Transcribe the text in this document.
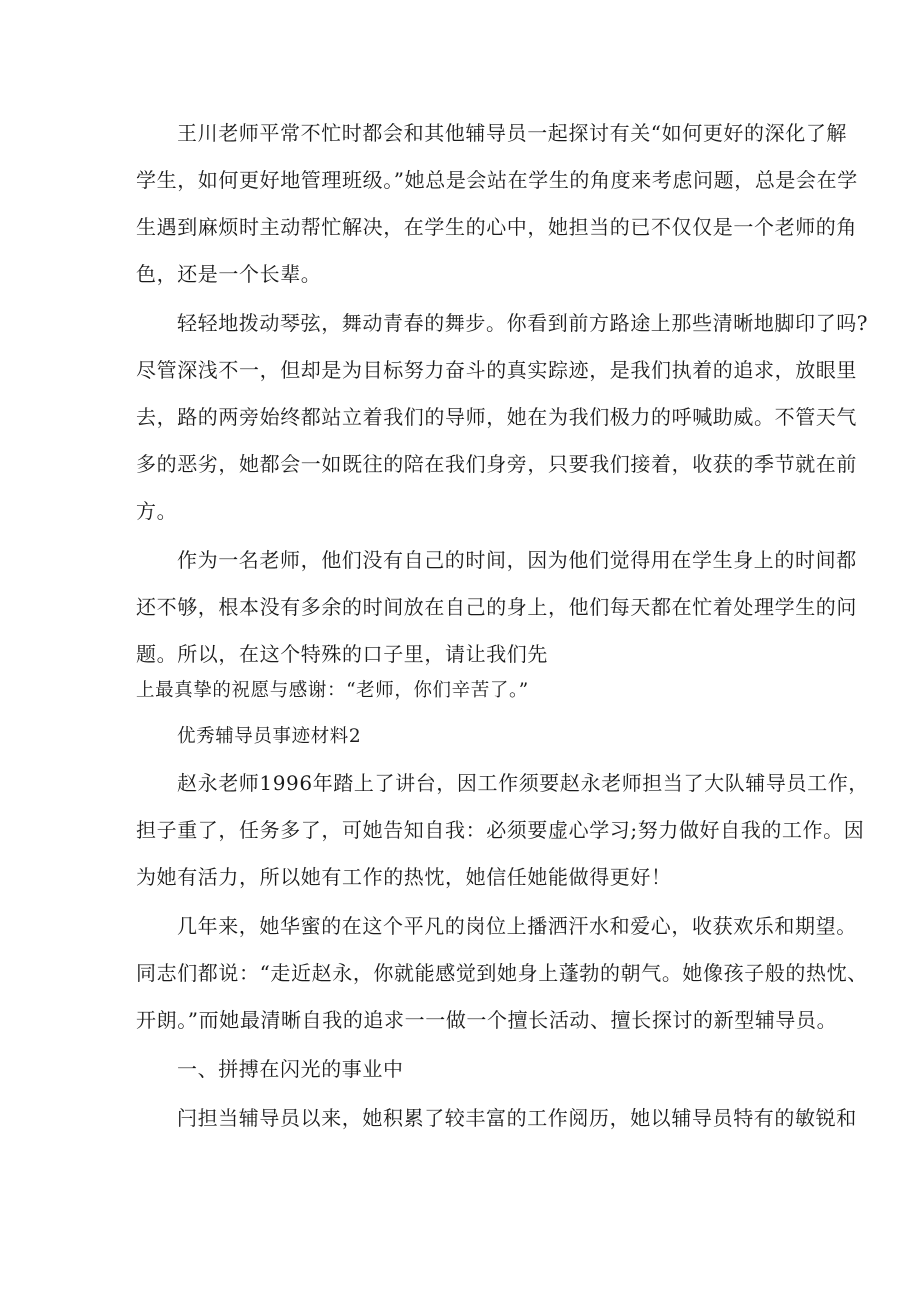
王川老师平常不忙时都会和其他辅导员一起探讨有关“如何更好的深化了解
学生，如何更好地管理班级。”她总是会站在学生的角度来考虑问题，总是会在学
生遇到麻烦时主动帮忙解决，在学生的心中，她担当的已不仅仅是一个老师的角
色，还是一个长辈。
轻轻地拨动琴弦，舞动青春的舞步。你看到前方路途上那些清晰地脚印了吗?
尽管深浅不一，但却是为目标努力奋斗的真实踪迹，是我们执着的追求，放眼里
去，路的两旁始终都站立着我们的导师，她在为我们极力的呼喊助威。不管天气
多的恶劣，她都会一如既往的陪在我们身旁，只要我们接着，收获的季节就在前
方。
作为一名老师，他们没有自己的时间，因为他们觉得用在学生身上的时间都
还不够，根本没有多余的时间放在自己的身上，他们每天都在忙着处理学生的问
题。所以，在这个特殊的口子里，请让我们先
上最真挚的祝愿与感谢：“老师，你们辛苦了。”
优秀辅导员事迹材料2
赵永老师1996年踏上了讲台，因工作须要赵永老师担当了大队辅导员工作，
担子重了，任务多了，可她告知自我：必须要虚心学习;努力做好自我的工作。因
为她有活力，所以她有工作的热忱，她信任她能做得更好！
几年来，她华蜜的在这个平凡的岗位上播洒汗水和爱心，收获欢乐和期望。
同志们都说：“走近赵永，你就能感觉到她身上蓬勃的朝气。她像孩子般的热忱、
开朗。”而她最清晰自我的追求一一做一个擅长活动、擅长探讨的新型辅导员。
一、拼搏在闪光的事业中
闩担当辅导员以来，她积累了较丰富的工作阅历，她以辅导员特有的敏锐和
